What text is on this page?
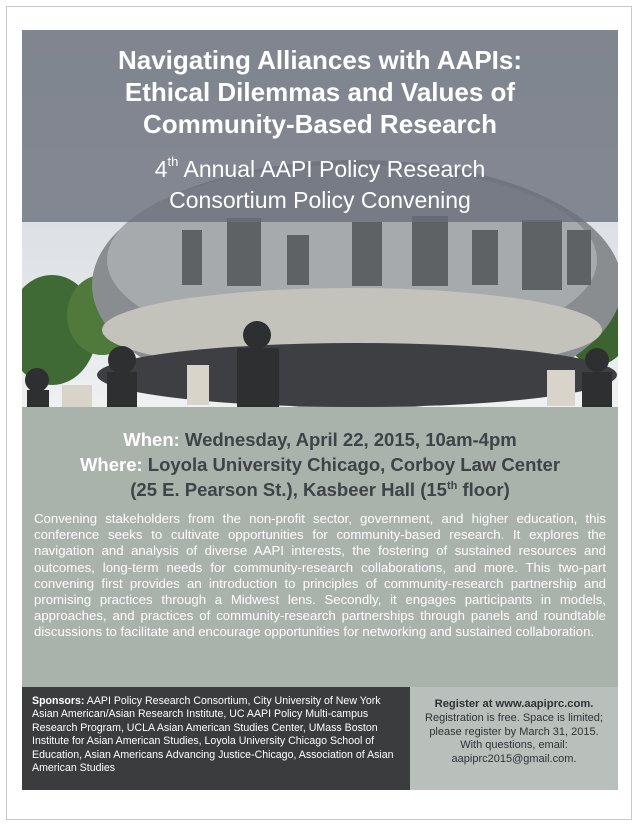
Navigating Alliances with AAPIs:
Ethical Dilemmas and Values of
Community-Based Research
4th Annual AAPI Policy Research
Consortium Policy Convening
When: Wednesday, April 22, 2015, 10am-4pm
Where: Loyola University Chicago, Corboy Law Center
(25 E. Pearson St.), Kasbeer Hall (15th floor)
Convening stakeholders from the non-profit sector, government, and higher education, this conference seeks to cultivate opportunities for community-based research. It explores the navigation and analysis of diverse AAPI interests, the fostering of sustained resources and outcomes, long-term needs for community-research collaborations, and more. This two-part convening first provides an introduction to principles of community-research partnership and promising practices through a Midwest lens. Secondly, it engages participants in models, approaches, and practices of community-research partnerships through panels and roundtable discussions to facilitate and encourage opportunities for networking and sustained collaboration.
Sponsors: AAPI Policy Research Consortium, City University of New York Asian American/Asian Research Institute, UC AAPI Policy Multi-campus Research Program, UCLA Asian American Studies Center, UMass Boston Institute for Asian American Studies, Loyola University Chicago School of Education, Asian Americans Advancing Justice-Chicago, Association of Asian American Studies
Register at www.aapiprc.com.
Registration is free. Space is limited;
please register by March 31, 2015.
With questions, email:
aapiprc2015@gmail.com.
